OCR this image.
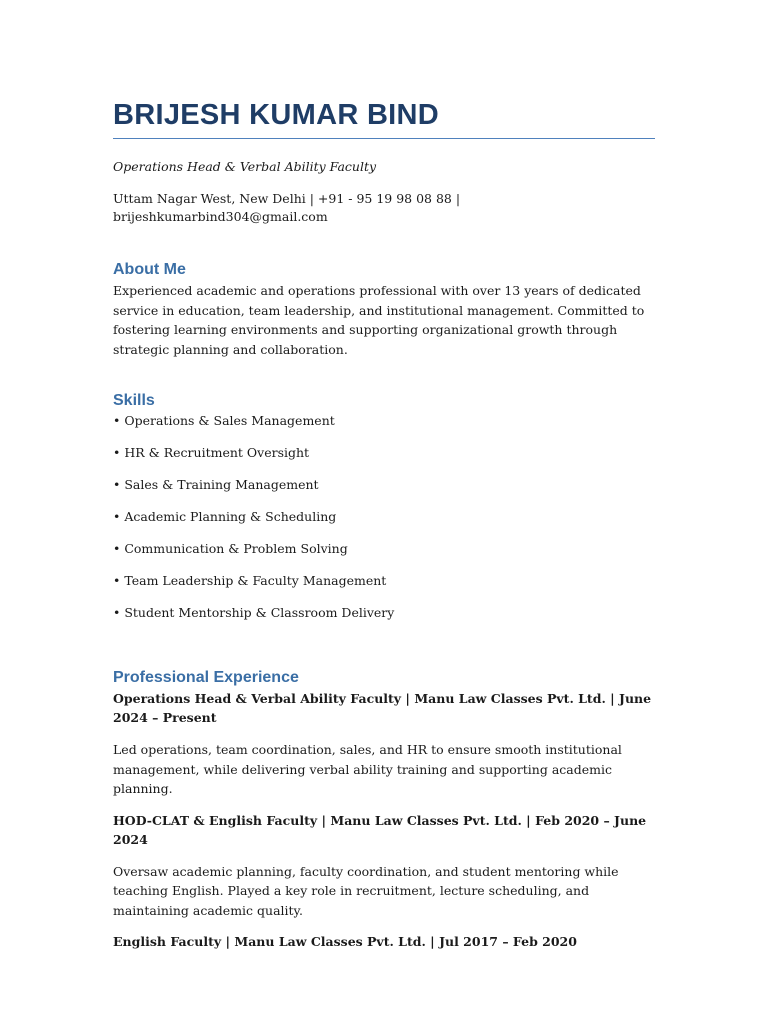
BRIJESH KUMAR BIND
Operations Head & Verbal Ability Faculty
Uttam Nagar West, New Delhi | +91 - 95 19 98 08 88 | brijeshkumarbind304@gmail.com
About Me

Experienced academic and operations professional with over 13 years of dedicated service in education, team leadership, and institutional management. Committed to fostering learning environments and supporting organizational growth through strategic planning and collaboration.

Skills
• Operations & Sales Management
• HR & Recruitment Oversight
• Sales & Training Management
• Academic Planning & Scheduling
• Communication & Problem Solving
• Team Leadership & Faculty Management
• Student Mentorship & Classroom Delivery
Professional Experience
Operations Head & Verbal Ability Faculty | Manu Law Classes Pvt. Ltd. | June 2024 – Present

Led operations, team coordination, sales, and HR to ensure smooth institutional management, while delivering verbal ability training and supporting academic planning.

HOD-CLAT & English Faculty | Manu Law Classes Pvt. Ltd. | Feb 2020 – June 2024

Oversaw academic planning, faculty coordination, and student mentoring while teaching English. Played a key role in recruitment, lecture scheduling, and maintaining academic quality.

English Faculty | Manu Law Classes Pvt. Ltd. | Jul 2017 – Feb 2020
